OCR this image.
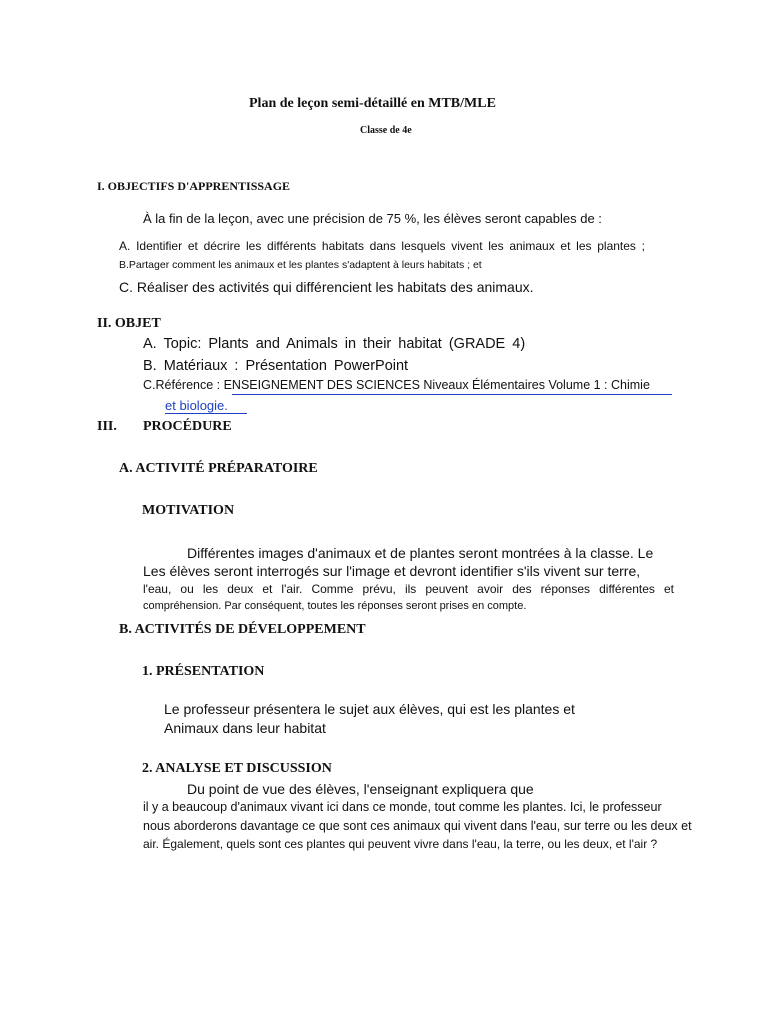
Plan de leçon semi-détaillé en MTB/MLE
Classe de 4e
I. OBJECTIFS D'APPRENTISSAGE
À la fin de la leçon, avec une précision de 75 %, les élèves seront capables de :
A. Identifier et décrire les différents habitats dans lesquels vivent les animaux et les plantes ;
B.Partager comment les animaux et les plantes s'adaptent à leurs habitats ; et
C. Réaliser des activités qui différencient les habitats des animaux.
II. OBJET
A. Topic: Plants and Animals in their habitat (GRADE 4)
B. Matériaux : Présentation PowerPoint
C.Référence : ENSEIGNEMENT DES SCIENCES Niveaux Élémentaires Volume 1 : Chimie
et biologie.
III. PROCÉDURE
A. ACTIVITÉ PRÉPARATOIRE
MOTIVATION
Différentes images d'animaux et de plantes seront montrées à la classe. Le
Les élèves seront interrogés sur l'image et devront identifier s'ils vivent sur terre,
l'eau, ou les deux et l'air. Comme prévu, ils peuvent avoir des réponses différentes et
compréhension. Par conséquent, toutes les réponses seront prises en compte.
B. ACTIVITÉS DE DÉVELOPPEMENT
1. PRÉSENTATION
Le professeur présentera le sujet aux élèves, qui est les plantes et
Animaux dans leur habitat
2. ANALYSE ET DISCUSSION
Du point de vue des élèves, l'enseignant expliquera que
il y a beaucoup d'animaux vivant ici dans ce monde, tout comme les plantes. Ici, le professeur
nous aborderons davantage ce que sont ces animaux qui vivent dans l'eau, sur terre ou les deux et
air. Également, quels sont ces plantes qui peuvent vivre dans l'eau, la terre, ou les deux, et l'air ?
